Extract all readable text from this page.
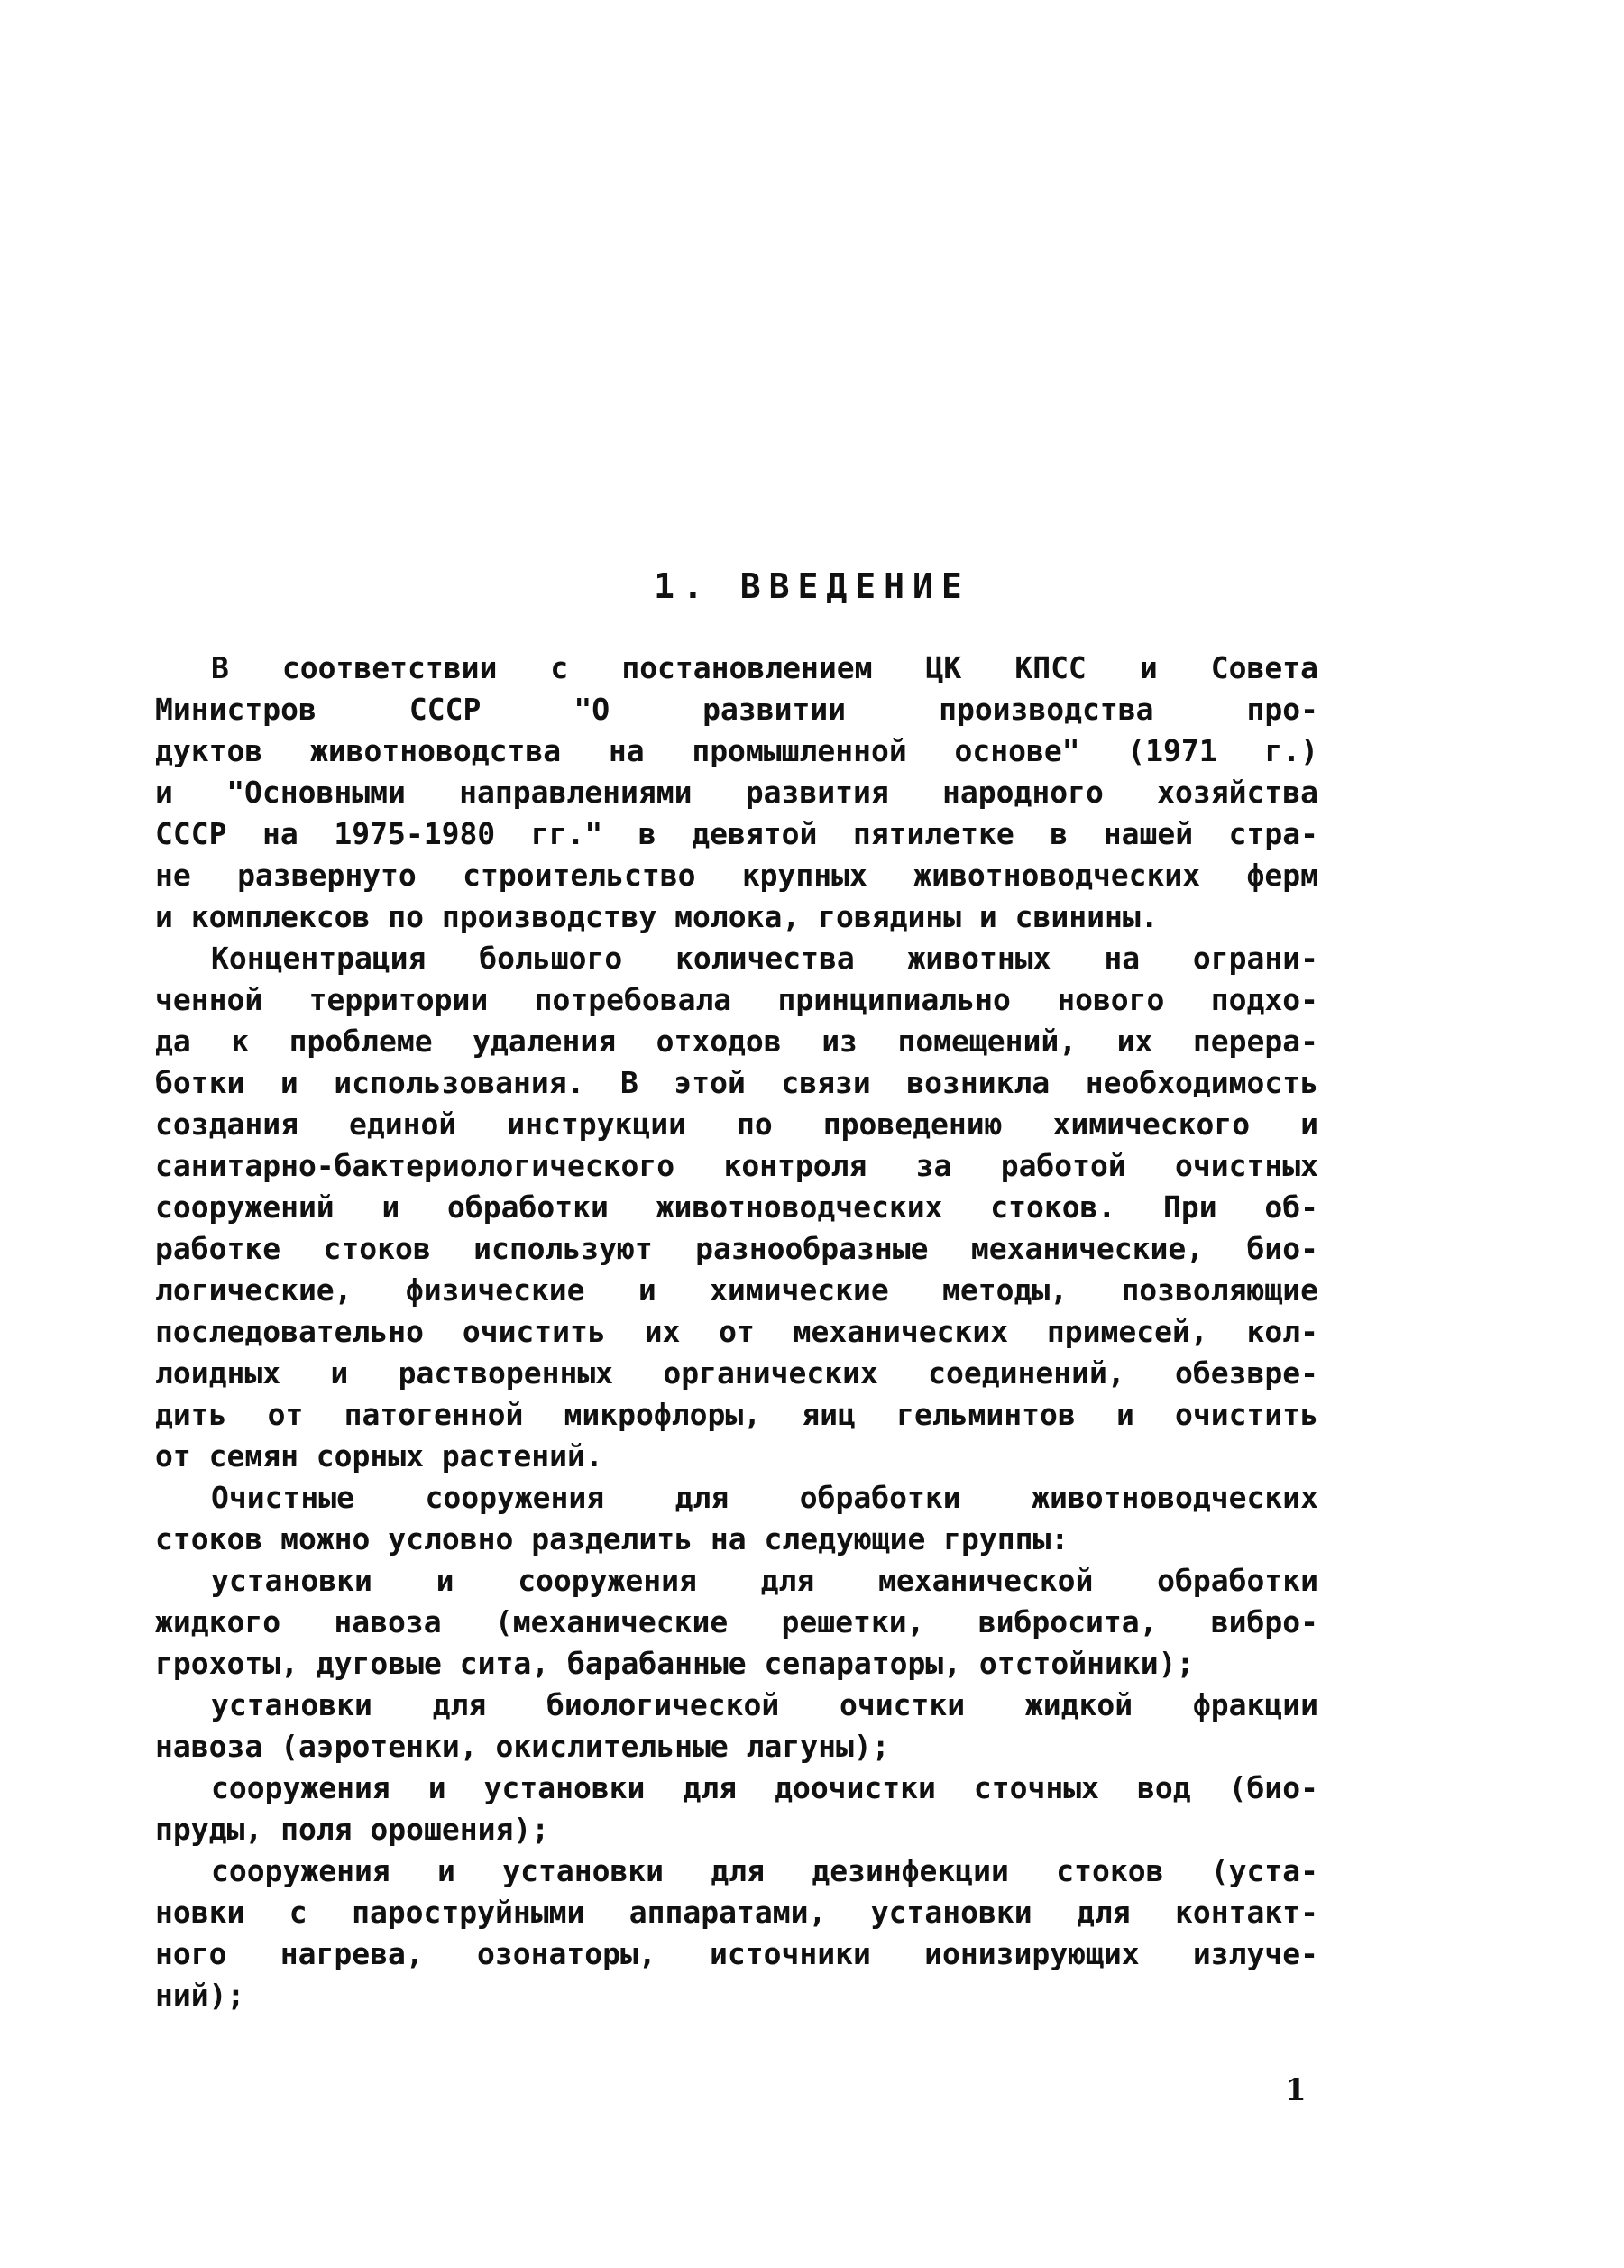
1. ВВЕДЕНИЕ
В соответствии с постановлением ЦК КПСС и Совета
Министров СССР "О развитии производства про-
дуктов животноводства на промышленной основе" (1971 г.)
и "Основными направлениями развития народного хозяйства
СССР на 1975-1980 гг." в девятой пятилетке в нашей стра-
не развернуто строительство крупных животноводческих ферм
и комплексов по производству молока, говядины и свинины.
Концентрация большого количества животных на ограни-
ченной территории потребовала принципиально нового подхо-
да к проблеме удаления отходов из помещений, их перера-
ботки и использования. В этой связи возникла необходимость
создания единой инструкции по проведению химического и
санитарно-бактериологического контроля за работой очистных
сооружений и обработки животноводческих стоков. При об-
работке стоков используют разнообразные механические, био-
логические, физические и химические методы, позволяющие
последовательно очистить их от механических примесей, кол-
лоидных и растворенных органических соединений, обезвре-
дить от патогенной микрофлоры, яиц гельминтов и очистить
от семян сорных растений.
Очистные сооружения для обработки животноводческих
стоков можно условно разделить на следующие группы:
установки и сооружения для механической обработки
жидкого навоза (механические решетки, вибросита, вибро-
грохоты, дуговые сита, барабанные сепараторы, отстойники);
установки для биологической очистки жидкой фракции
навоза (аэротенки, окислительные лагуны);
сооружения и установки для доочистки сточных вод (био-
пруды, поля орошения);
сооружения и установки для дезинфекции стоков (уста-
новки с пароструйными аппаратами, установки для контакт-
ного нагрева, озонаторы, источники ионизирующих излуче-
ний);
1
